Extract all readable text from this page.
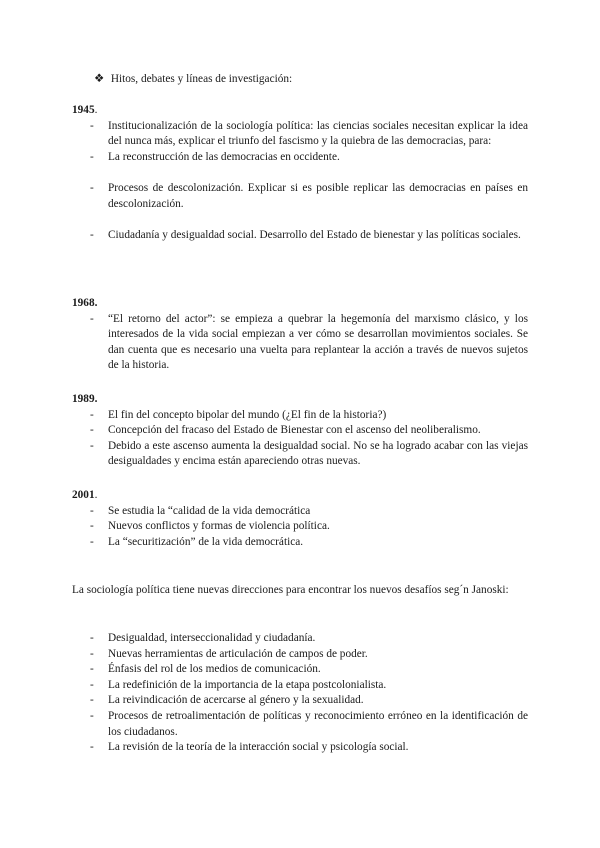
❖ Hitos, debates y líneas de investigación:
1945.
- Institucionalización de la sociología política: las ciencias sociales necesitan explicar la idea del nunca más, explicar el triunfo del fascismo y la quiebra de las democracias, para:
- La reconstrucción de las democracias en occidente.
- Procesos de descolonización. Explicar si es posible replicar las democracias en países en descolonización.
- Ciudadanía y desigualdad social. Desarrollo del Estado de bienestar y las políticas sociales.
1968.
- “El retorno del actor”: se empieza a quebrar la hegemonía del marxismo clásico, y los interesados de la vida social empiezan a ver cómo se desarrollan movimientos sociales. Se dan cuenta que es necesario una vuelta para replantear la acción a través de nuevos sujetos de la historia.
1989.
- El fin del concepto bipolar del mundo (¿El fin de la historia?)
- Concepción del fracaso del Estado de Bienestar con el ascenso del neoliberalismo.
- Debido a este ascenso aumenta la desigualdad social. No se ha logrado acabar con las viejas desigualdades y encima están apareciendo otras nuevas.
2001.
- Se estudia la “calidad de la vida democrática
- Nuevos conflictos y formas de violencia política.
- La “securitización” de la vida democrática.
La sociología política tiene nuevas direcciones para encontrar los nuevos desafíos seg´n Janoski:
- Desigualdad, interseccionalidad y ciudadanía.
- Nuevas herramientas de articulación de campos de poder.
- Énfasis del rol de los medios de comunicación.
- La redefinición de la importancia de la etapa postcolonialista.
- La reivindicación de acercarse al género y la sexualidad.
- Procesos de retroalimentación de políticas y reconocimiento erróneo en la identificación de los ciudadanos.
- La revisión de la teoría de la interacción social y psicología social.
